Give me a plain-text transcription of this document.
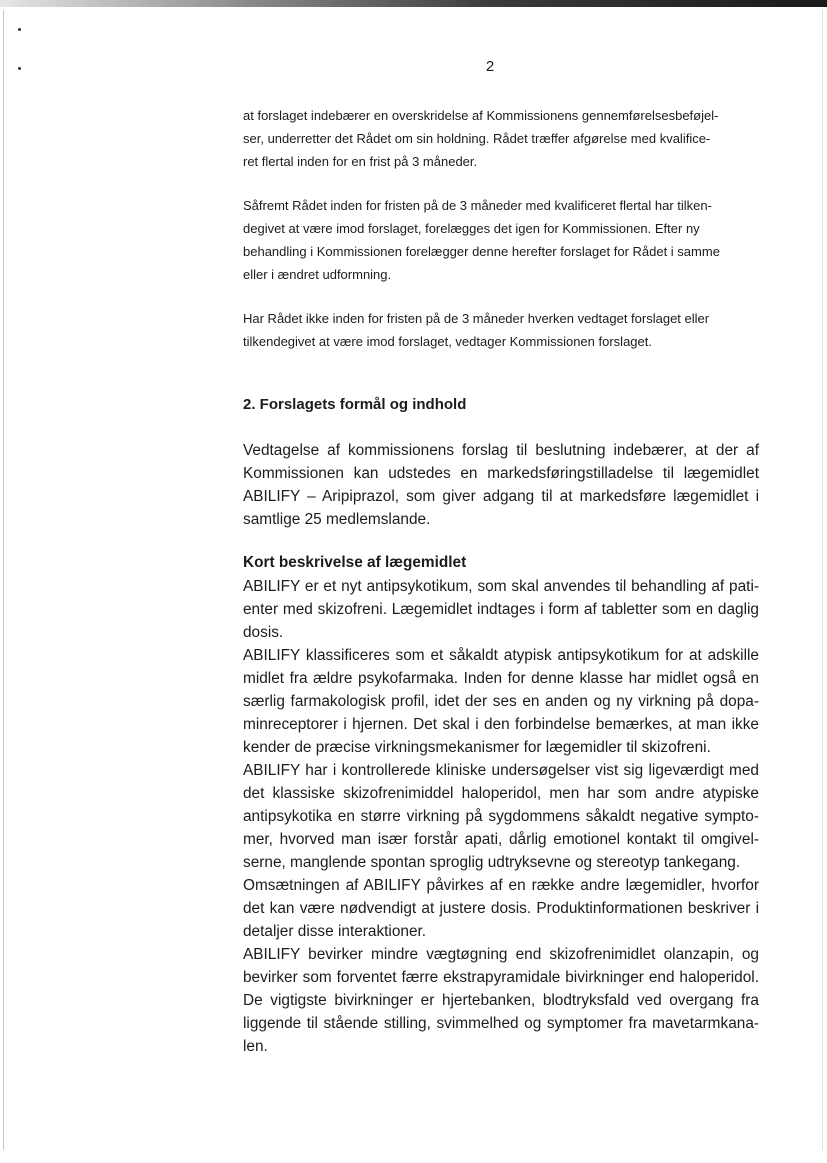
2

at forslaget indebærer en overskridelse af Kommissionens gennemførelsesbeføjel-
ser, underretter det Rådet om sin holdning. Rådet træffer afgørelse med kvalifice-
ret flertal inden for en frist på 3 måneder.

Såfremt Rådet inden for fristen på de 3 måneder med kvalificeret flertal har tilken-
degivet at være imod forslaget, forelægges det igen for Kommissionen. Efter ny
behandling i Kommissionen forelægger denne herefter forslaget for Rådet i samme
eller i ændret udformning.

Har Rådet ikke inden for fristen på de 3 måneder hverken vedtaget forslaget eller
tilkendegivet at være imod forslaget, vedtager Kommissionen forslaget.

2. Forslagets formål og indhold

Vedtagelse af kommissionens forslag til beslutning indebærer, at der af
Kommissionen kan udstedes en markedsføringstilladelse til lægemidlet
ABILIFY – Aripiprazol, som giver adgang til at markedsføre lægemidlet i
samtlige 25 medlemslande.

Kort beskrivelse af lægemidlet

ABILIFY er et nyt antipsykotikum, som skal anvendes til behandling af pati-
enter med skizofreni. Lægemidlet indtages i form af tabletter som en daglig
dosis.
ABILIFY klassificeres som et såkaldt atypisk antipsykotikum for at adskille
midlet fra ældre psykofarmaka. Inden for denne klasse har midlet også en
særlig farmakologisk profil, idet der ses en anden og ny virkning på dopa-
minreceptorer i hjernen. Det skal i den forbindelse bemærkes, at man ikke
kender de præcise virkningsmekanismer for lægemidler til skizofreni.
ABILIFY har i kontrollerede kliniske undersøgelser vist sig ligeværdigt med
det klassiske skizofrenimiddel haloperidol, men har som andre atypiske
antipsykotika en større virkning på sygdommens såkaldt negative sympto-
mer, hvorved man især forstår apati, dårlig emotionel kontakt til omgivel-
serne, manglende spontan sproglig udtryksevne og stereotyp tankegang.
Omsætningen af ABILIFY påvirkes af en række andre lægemidler, hvorfor
det kan være nødvendigt at justere dosis. Produktinformationen beskriver i
detaljer disse interaktioner.
ABILIFY bevirker mindre vægtøgning end skizofrenimidlet olanzapin, og
bevirker som forventet færre ekstrapyramidale bivirkninger end haloperidol.
De vigtigste bivirkninger er hjertebanken, blodtryksfald ved overgang fra
liggende til stående stilling, svimmelhed og symptomer fra mavetarmkana-
len.
